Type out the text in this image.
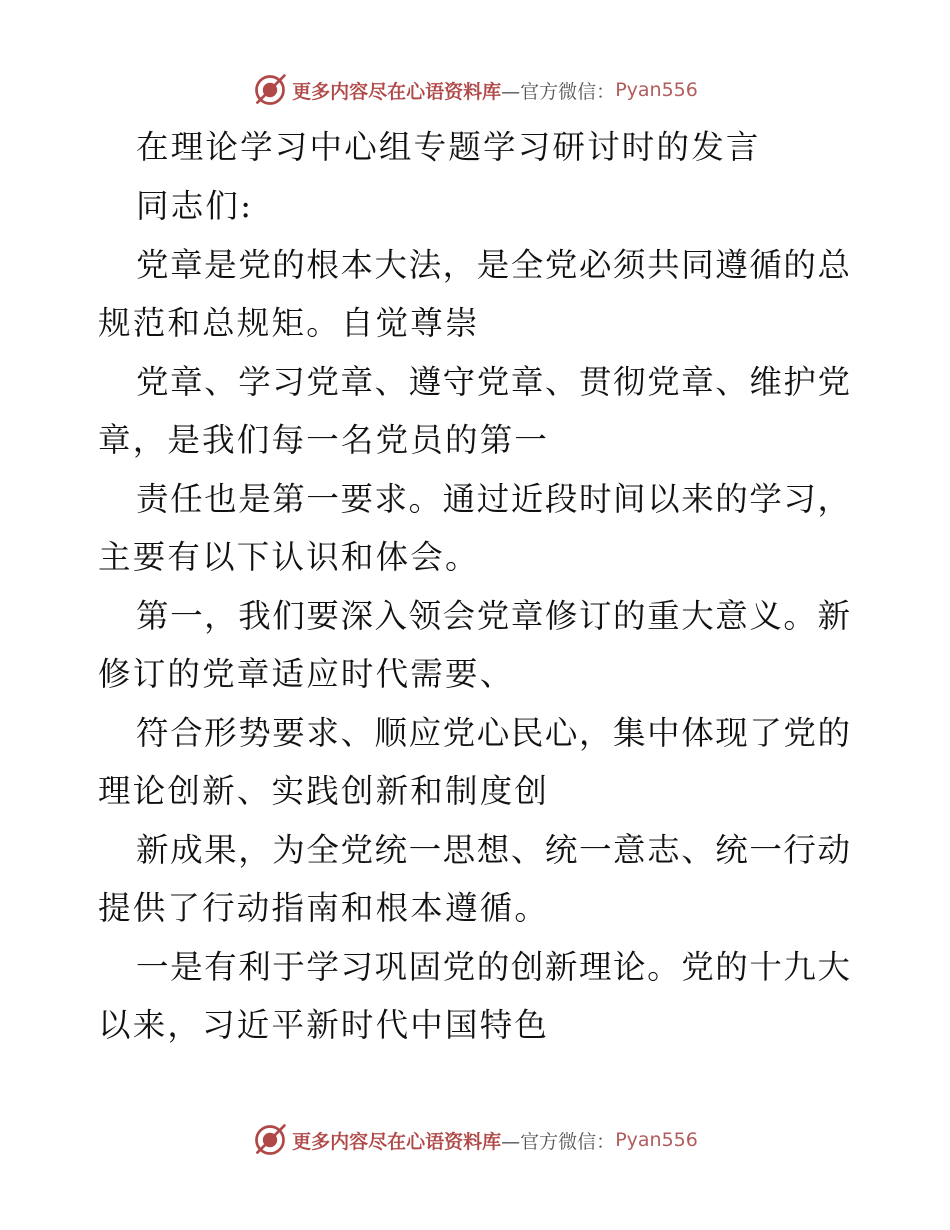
更多内容尽在心语资料库 —官方微信： Pyan556
在理论学习中心组专题学习研讨时的发言
同志们:
党章是党的根本大法，是全党必须共同遵循的总
规范和总规矩。自觉尊崇
党章、学习党章、遵守党章、贯彻党章、维护党
章，是我们每一名党员的第一
责任也是第一要求。通过近段时间以来的学习，
主要有以下认识和体会。
第一，我们要深入领会党章修订的重大意义。新
修订的党章适应时代需要、
符合形势要求、顺应党心民心，集中体现了党的
理论创新、实践创新和制度创
新成果，为全党统一思想、统一意志、统一行动
提供了行动指南和根本遵循。
一是有利于学习巩固党的创新理论。党的十九大
以来，习近平新时代中国特色
更多内容尽在心语资料库 —官方微信： Pyan556
